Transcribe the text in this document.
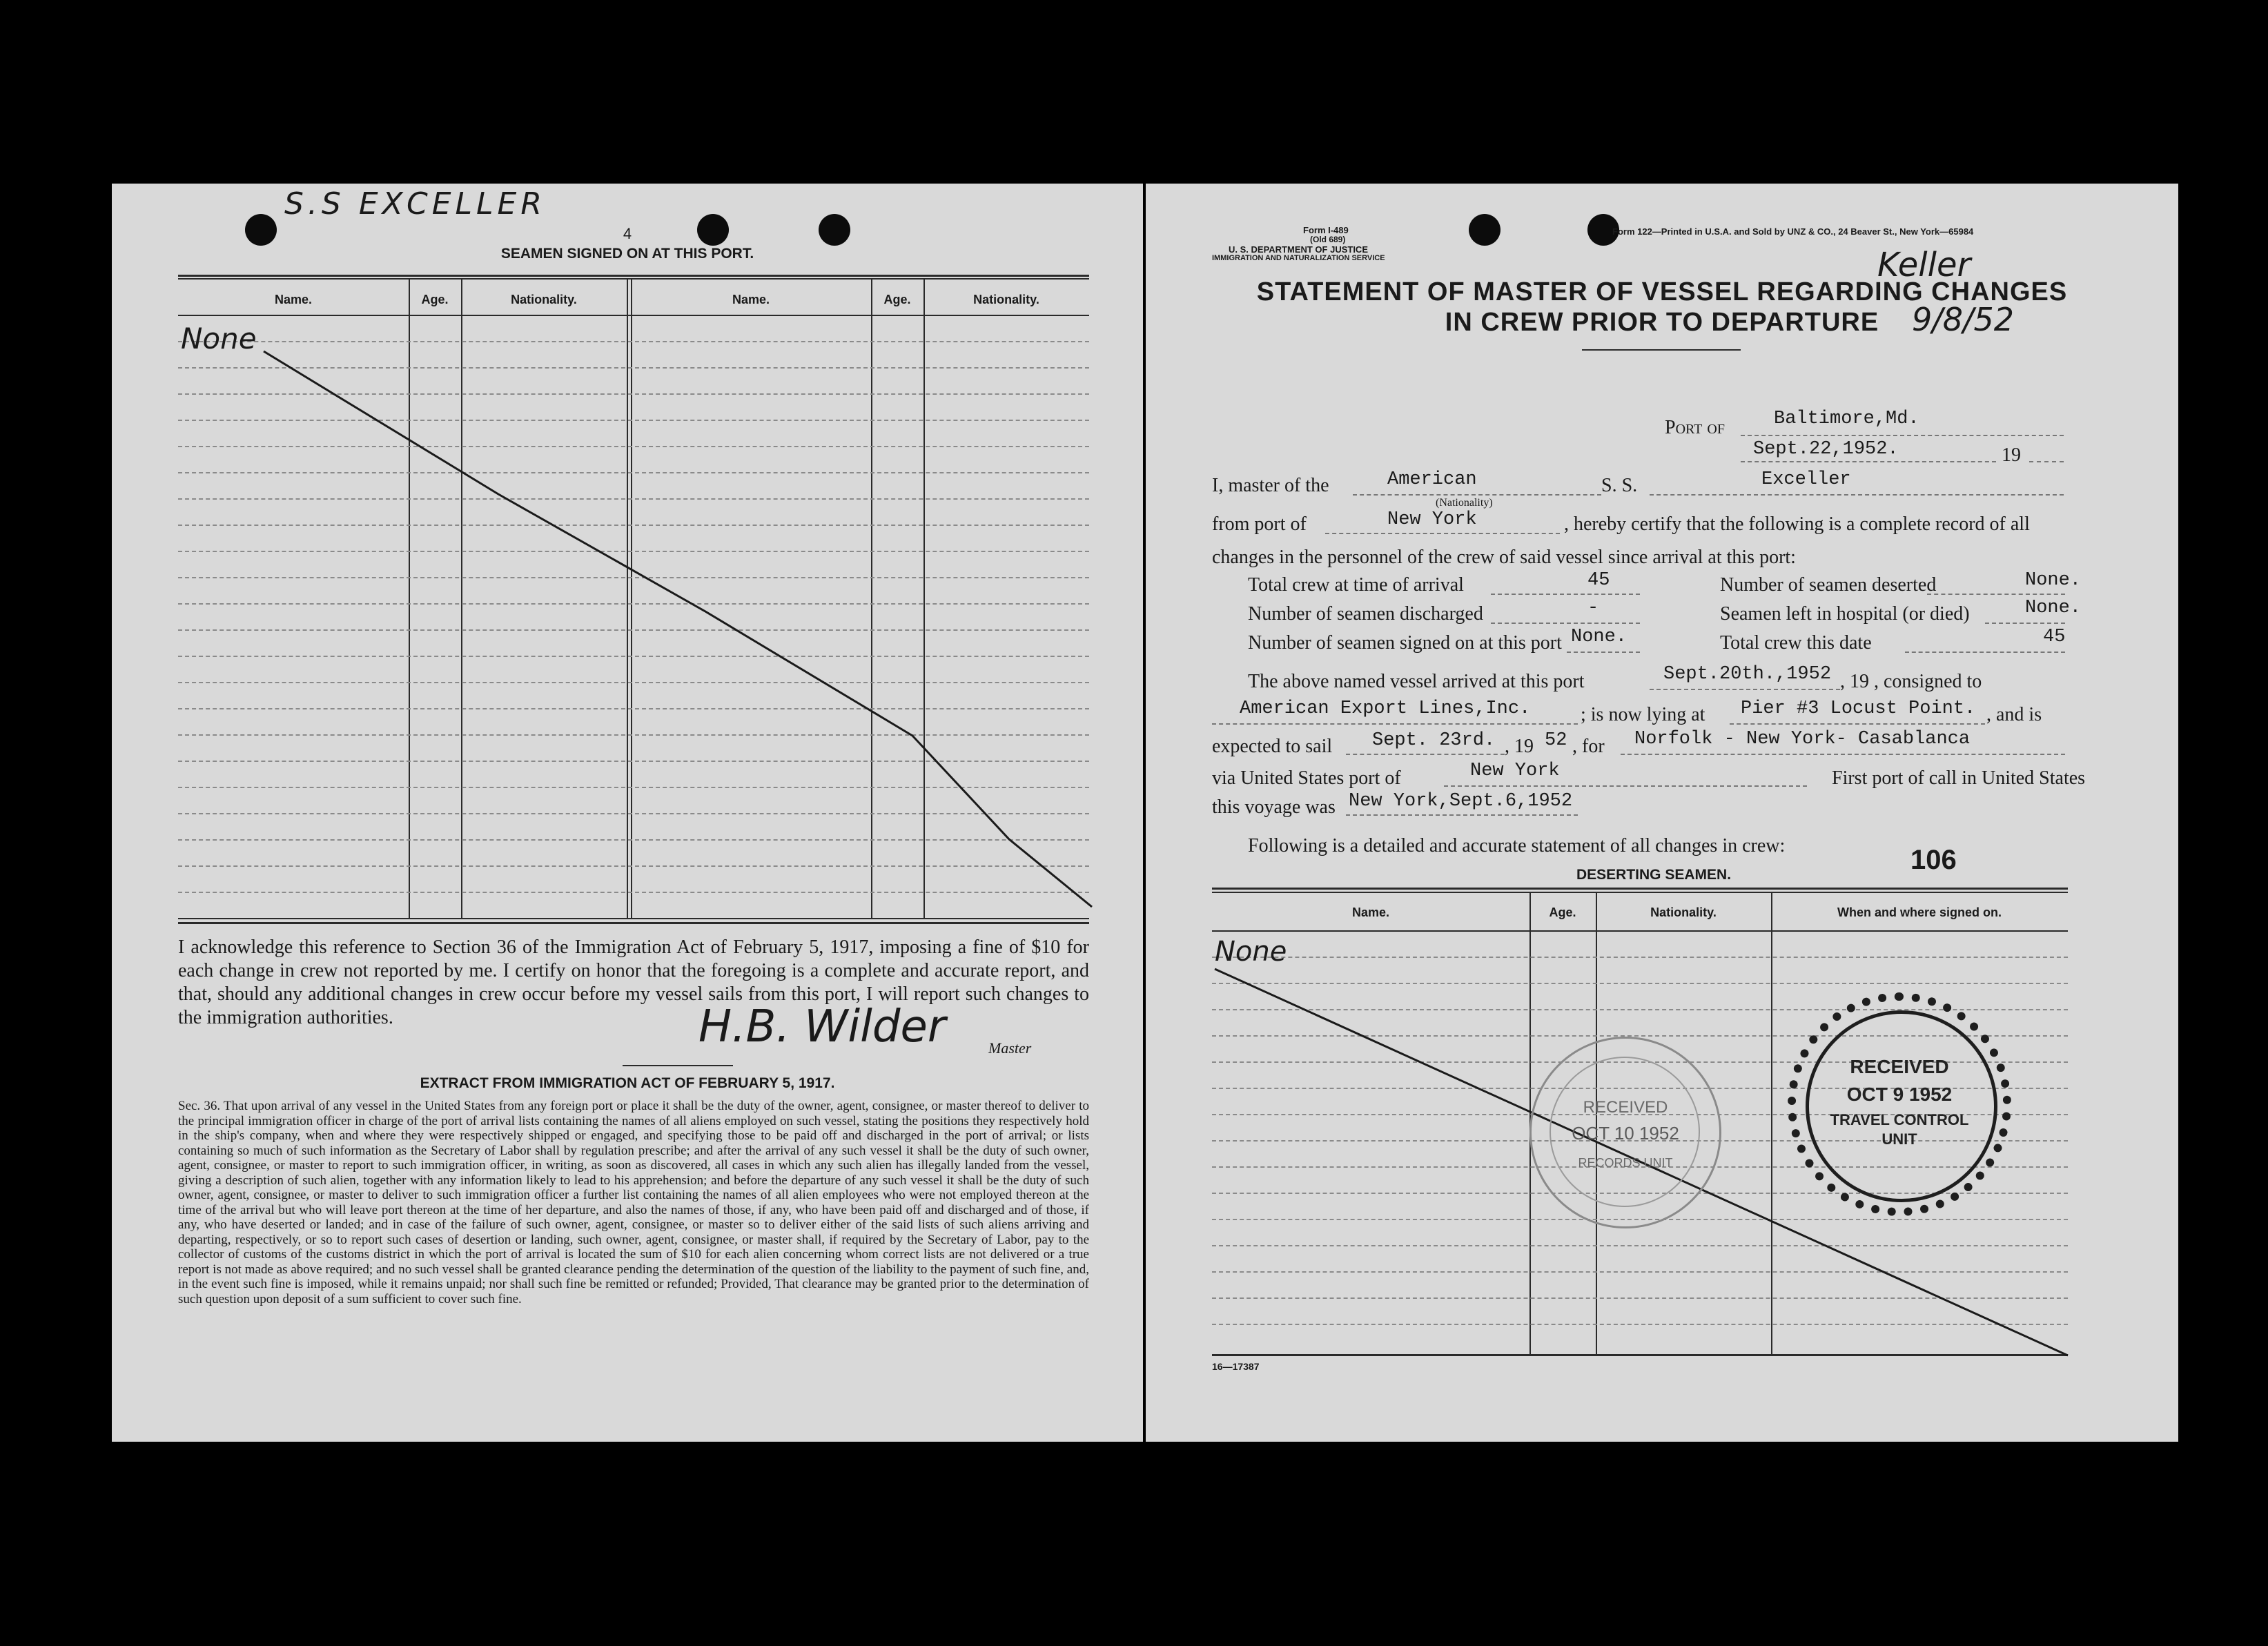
S.S EXCELLER
4
SEAMEN SIGNED ON AT THIS PORT.
Name.	Age.	Nationality.	Name.	Age.	Nationality.
None
I acknowledge this reference to Section 36 of the Immigration Act of February 5, 1917, imposing a fine of $10 for each change in crew not reported by me. I certify on honor that the foregoing is a complete and accurate report, and that, should any additional changes in crew occur before my vessel sails from this port, I will report such changes to the immigration authorities.	H.B. Wilder	Master
EXTRACT FROM IMMIGRATION ACT OF FEBRUARY 5, 1917.
Sec. 36. That upon arrival of any vessel in the United States from any foreign port or place it shall be the duty of the owner, agent, consignee, or master thereof to deliver to the principal immigration officer in charge of the port of arrival lists containing the names of all aliens employed on such vessel, stating the positions they respectively hold in the ship's company, when and where they were respectively shipped or engaged, and specifying those to be paid off and discharged in the port of arrival; or lists containing so much of such information as the Secretary of Labor shall by regulation prescribe; and after the arrival of any such vessel it shall be the duty of such owner, agent, consignee, or master to report to such immigration officer, in writing, as soon as discovered, all cases in which any such alien has illegally landed from the vessel, giving a description of such alien, together with any information likely to lead to his apprehension; and before the departure of any such vessel it shall be the duty of such owner, agent, consignee, or master to deliver to such immigration officer a further list containing the names of all alien employees who were not employed thereon at the time of the arrival but who will leave port thereon at the time of her departure, and also the names of those, if any, who have been paid off and discharged and of those, if any, who have deserted or landed; and in case of the failure of such owner, agent, consignee, or master so to deliver either of the said lists of such aliens arriving and departing, respectively, or so to report such cases of desertion or landing, such owner, agent, consignee, or master shall, if required by the Secretary of Labor, pay to the collector of customs of the customs district in which the port of arrival is located the sum of $10 for each alien concerning whom correct lists are not delivered or a true report is not made as above required; and no such vessel shall be granted clearance pending the determination of the question of the liability to the payment of such fine, and, in the event such fine is imposed, while it remains unpaid; nor shall such fine be remitted or refunded; Provided, That clearance may be granted prior to the determination of such question upon deposit of a sum sufficient to cover such fine.
Form I-489
(Old 689)
Form 122—Printed in U.S.A. and Sold by UNZ & CO., 24 Beaver St., New York—65984
U. S. DEPARTMENT OF JUSTICE
IMMIGRATION AND NATURALIZATION SERVICE	Keller
9/8/52
STATEMENT OF MASTER OF VESSEL REGARDING CHANGES
IN CREW PRIOR TO DEPARTURE
Port of	Baltimore,Md.
Sept.22,1952.	19
I, master of the	American
(Nationality)
S. S.	Exceller
from port of	New York	, hereby certify that the following is a complete record of all
changes in the personnel of the crew of said vessel since arrival at this port:
Total crew at time of arrival	45	Number of seamen deserted	None.
Number of seamen discharged	-	Seamen left in hospital (or died)	None.
Number of seamen signed on at this port None.	Total crew this date	45
The above named vessel arrived at this port	Sept.20th.,1952 , 19 , consigned to
American Export Lines,Inc.	; is now lying at Pier #3 Locust Point. , and is
expected to sail Sept. 23rd. , 19 52 , for Norfolk - New York- Casablanca
via United States port of	New York	First port of call in United States
this voyage was New York,Sept.6,1952
Following is a detailed and accurate statement of all changes in crew:	106
DESERTING SEAMEN.
Name.	Age.	Nationality.	When and where signed on.
None
RECEIVED
OCT 10 1952
RECORDS UNIT
RECEIVED
OCT 9 1952
TRAVEL CONTROL
UNIT
16—17387
